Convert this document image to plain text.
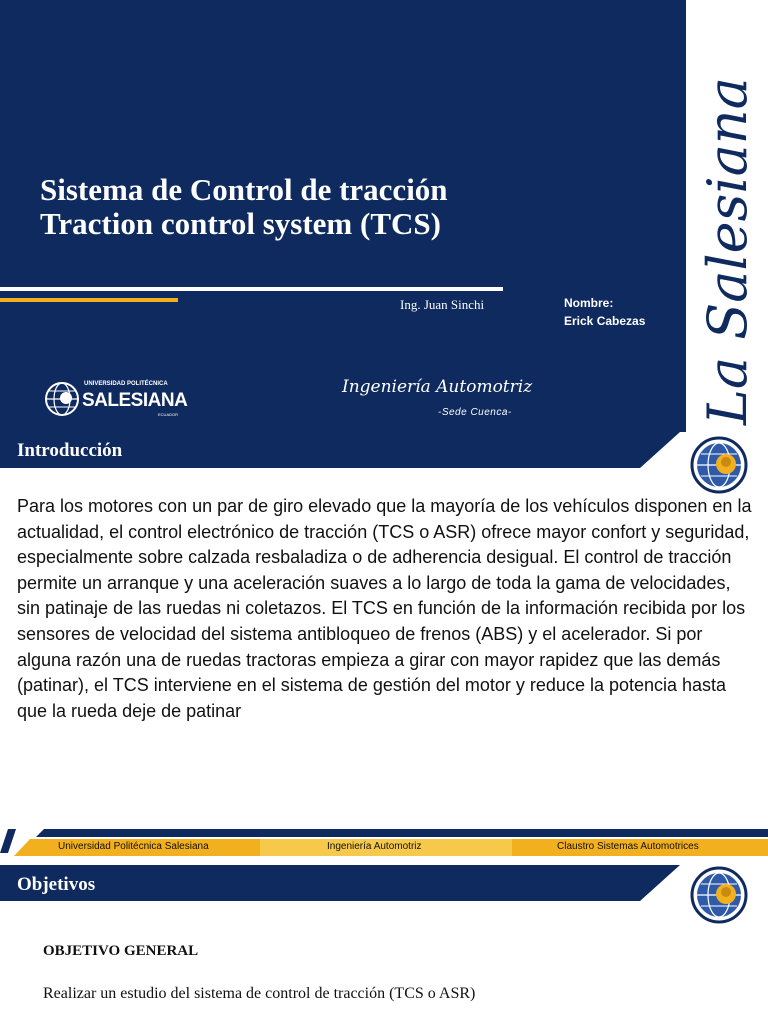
La Salesiana
Sistema de Control de tracción
Traction control system (TCS)
Ing. Juan Sinchi	Nombre:
Erick Cabezas
UNIVERSIDAD POLITÉCNICA
SALESIANA
ECUADOR
Ingeniería Automotriz
-Sede Cuenca-
Introducción

Para los motores con un par de giro elevado que la mayoría de los vehículos disponen en la actualidad, el control electrónico de tracción (TCS o ASR) ofrece mayor confort y seguridad, especialmente sobre calzada resbaladiza o de adherencia desigual. El control de tracción permite un arranque y una aceleración suaves a lo largo de toda la gama de velocidades, sin patinaje de las ruedas ni coletazos. El TCS en función de la información recibida por los sensores de velocidad del sistema antibloqueo de frenos (ABS) y el acelerador. Si por alguna razón una de ruedas tractoras empieza a girar con mayor rapidez que las demás (patinar), el TCS interviene en el sistema de gestión del motor y reduce la potencia hasta que la rueda deje de patinar

Universidad Politécnica Salesiana	Ingeniería Automotriz	Claustro Sistemas Automotrices
Objetivos
OBJETIVO GENERAL
Realizar un estudio del sistema de control de tracción (TCS o ASR)
